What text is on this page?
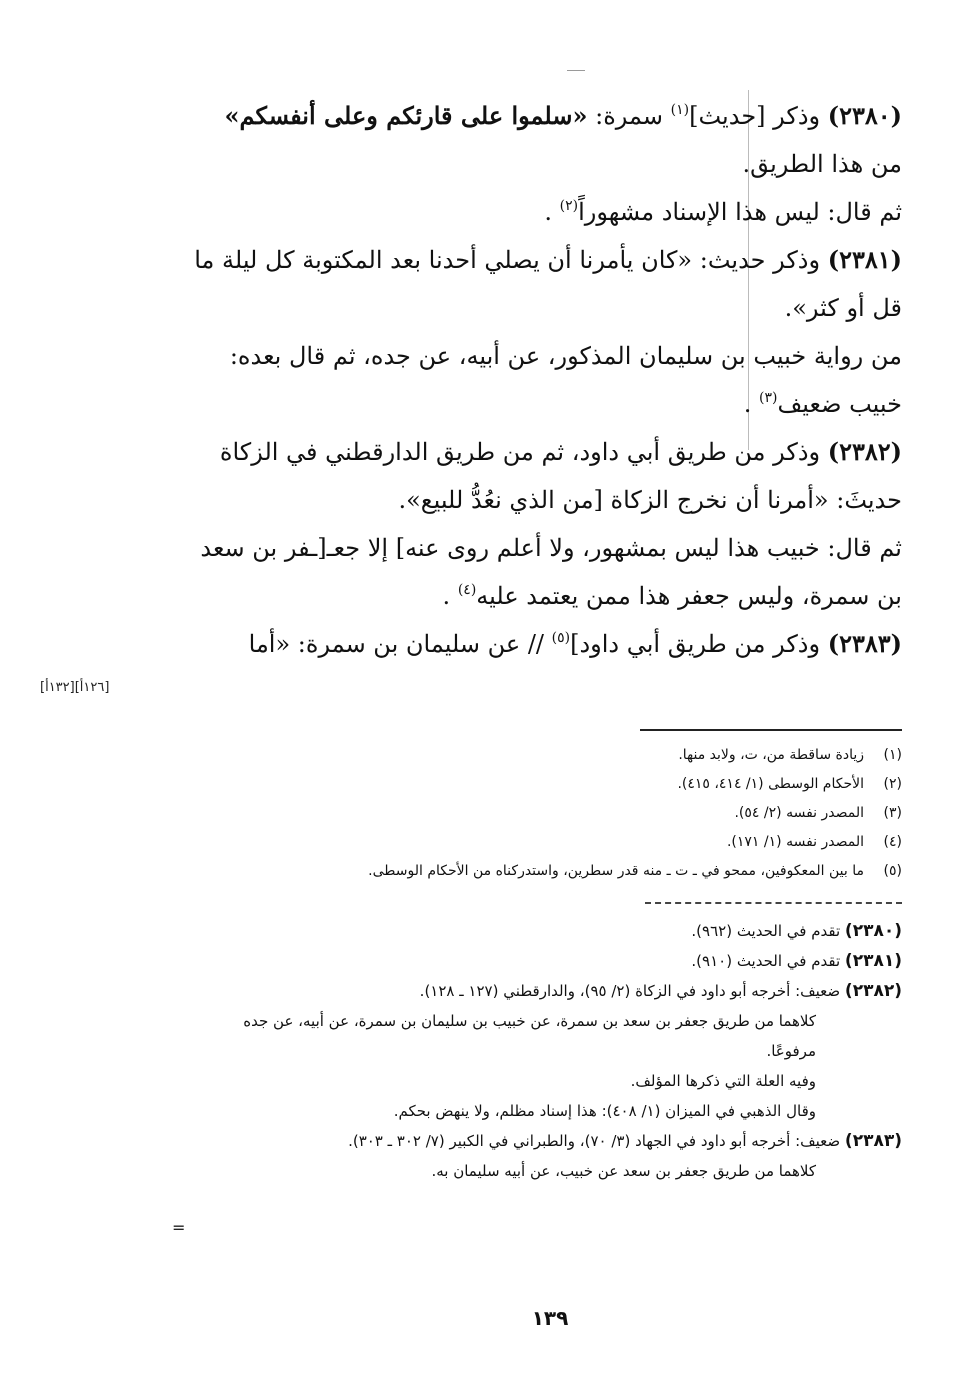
[١٢٦أ][١٣٢أ]

(٢٣٨٠) وذكر [حديث]$^{(١)}$ سمرة: «سلموا على قارئكم وعلى أنفسكم» من هذا الطريق.

ثم قال: ليس هذا الإسناد مشهوراً$^{(٢)}$ .

(٢٣٨١) وذكر حديث: «كان يأمرنا أن يصلي أحدنا بعد المكتوبة كل ليلة ما قل أو كثر».

من رواية خبيب بن سليمان المذكور، عن أبيه، عن جده، ثم قال بعده: خبيب ضعيف$^{(٣)}$ .

(٢٣٨٢) وذكر من طريق أبي داود، ثم من طريق الدارقطني في الزكاة حديثَ: «أمرنا أن نخرج الزكاة [من الذي نعُدُّ للبيع».

ثم قال: خبيب هذا ليس بمشهور، ولا أعلم روى عنه] إلا جعـ[ـفر بن سعد بن سمرة، وليس جعفر هذا ممن يعتمد عليه$^{(٤)}$ .

(٢٣٨٣) وذكر من طريق أبي داود]$^{(٥)}$ // عن سليمان بن سمرة: «أما

(١)
زيادة ساقطة من، ت، ولابد منها.
(٢)
الأحكام الوسطى (١/ ٤١٤، ٤١٥).
(٣)
المصدر نفسه (٢/ ٥٤).
(٤)
المصدر نفسه (١/ ١٧١).
(٥)
ما بين المعكوفين، ممحو في ـ ت ـ منه قدر سطرين، واستدركناه من الأحكام الوسطى.

(٢٣٨٠) تقدم في الحديث (٩٦٢).

(٢٣٨١) تقدم في الحديث (٩١٠).

(٢٣٨٢) ضعيف: أخرجه أبو داود في الزكاة (٢/ ٩٥)، والدارقطني (١٢٧ ـ ١٢٨).

كلاهما من طريق جعفر بن سعد بن سمرة، عن خبيب بن سليمان بن سمرة، عن أبيه، عن جده مرفوعًا.

وفيه العلة التي ذكرها المؤلف.

وقال الذهبي في الميزان (١/ ٤٠٨): هذا إسناد مظلم، ولا ينهض بحكم.

(٢٣٨٣) ضعيف: أخرجه أبو داود في الجهاد (٣/ ٧٠)، والطبراني في الكبير (٧/ ٣٠٢ ـ ٣٠٣).

كلاهما من طريق جعفر بن سعد عن خبيب، عن أبيه سليمان به.

=
١٣٩
